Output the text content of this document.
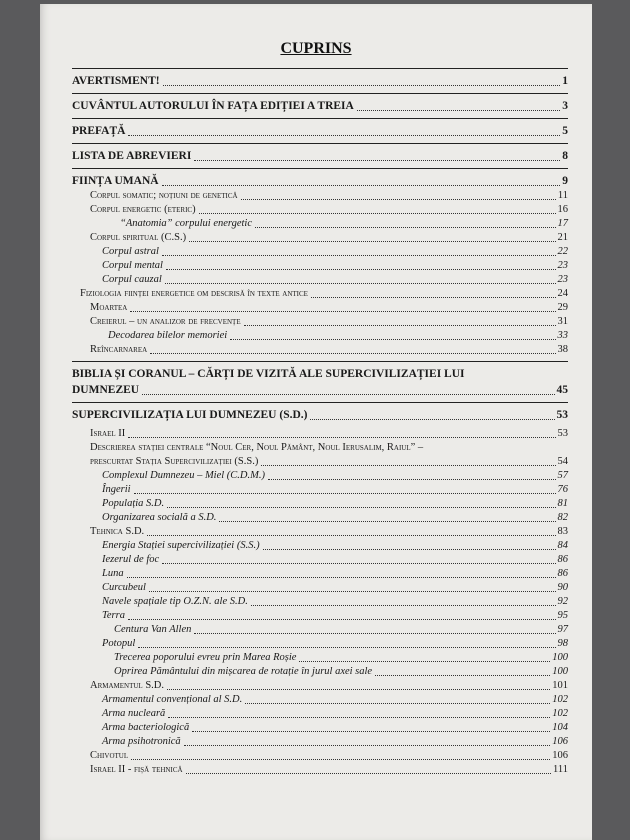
CUPRINS
AVERTISMENT!	1
CUVÂNTUL AUTORULUI ÎN FAȚA EDIȚIEI A TREIA	3
PREFAȚĂ	5
LISTA DE ABREVIERI	8
FIINȚA UMANĂ	9
Corpul somatic; noțiuni de genetică	11
Corpul energetic (eteric)	16
“Anatomia” corpului energetic	17
Corpul spiritual (C.S.)	21
Corpul astral	22
Corpul mental	23
Corpul cauzal	23
Fiziologia ființei energetice om descrisă în texte antice	24
Moartea	29
Creierul – un analizor de frecvențe	31
Decodarea bilelor memoriei	33
Reîncarnarea	38
BIBLIA ȘI CORANUL – CĂRȚI DE VIZITĂ ALE SUPERCIVILIZAȚIEI LUI
DUMNEZEU	45
SUPERCIVILIZAȚIA LUI DUMNEZEU (S.D.)	53
Israel II	53
Descrierea stației centrale “Noul Cer, Noul Pământ, Noul Ierusalim, Raiul” –
prescurtat Stația Supercivilizației (S.S.)	54
Complexul Dumnezeu – Miel (C.D.M.)	57
Îngerii	76
Populația S.D.	81
Organizarea socială a S.D.	82
Tehnica S.D.	83
Energia Stației supercivilizației (S.S.)	84
Iezerul de foc	86
Luna	86
Curcubeul	90
Navele spațiale tip O.Z.N. ale S.D.	92
Terra	95
Centura Van Allen	97
Potopul	98
Trecerea poporului evreu prin Marea Roșie	100
Oprirea Pământului din mișcarea de rotație în jurul axei sale	100
Armamentul S.D.	101
Armamentul convențional al S.D.	102
Arma nucleară	102
Arma bacteriologică	104
Arma psihotronică	106
Chivotul	106
Israel II - fișă tehnică	111
